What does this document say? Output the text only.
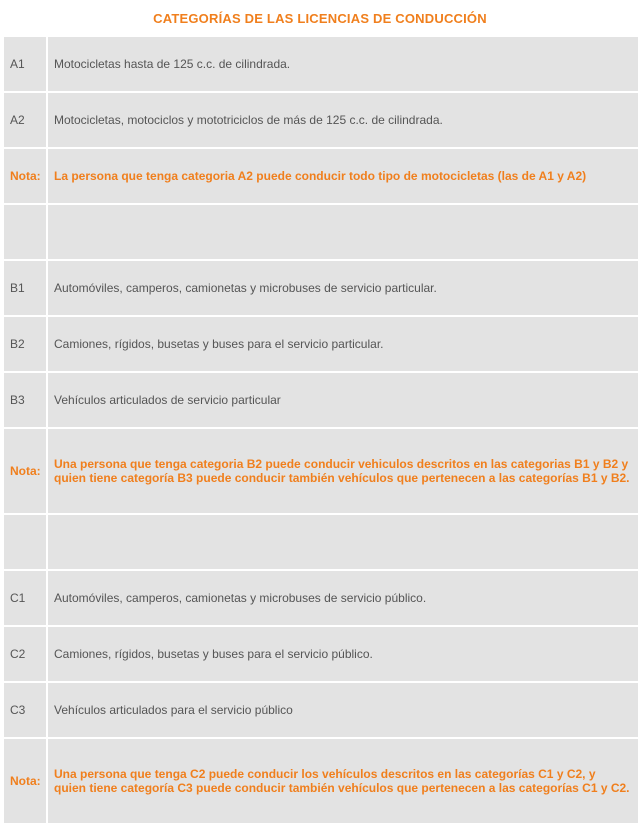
CATEGORÍAS DE LAS LICENCIAS DE CONDUCCIÓN
A1	Motocicletas hasta de 125 c.c. de cilindrada.
A2	Motocicletas, motociclos y mototriciclos de más de 125 c.c. de cilindrada.
Nota:	La persona que tenga categoria A2 puede conducir todo tipo de motocicletas (las de A1 y A2)
B1	Automóviles, camperos, camionetas y microbuses de servicio particular.
B2	Camiones, rígidos, busetas y buses para el servicio particular.
B3	Vehículos articulados de servicio particular
Nota:	Una persona que tenga categoria B2 puede conducir vehiculos descritos en las categorias B1 y B2 y quien tiene categoría B3 puede conducir también vehículos que pertenecen a las categorías B1 y B2.
C1	Automóviles, camperos, camionetas y microbuses de servicio público.
C2	Camiones, rígidos, busetas y buses para el servicio público.
C3	Vehículos articulados para el servicio público
Nota:	Una persona que tenga C2 puede conducir los vehículos descritos en las categorías C1 y C2, y quien tiene categoría C3 puede conducir también vehículos que pertenecen a las categorías C1 y C2.
